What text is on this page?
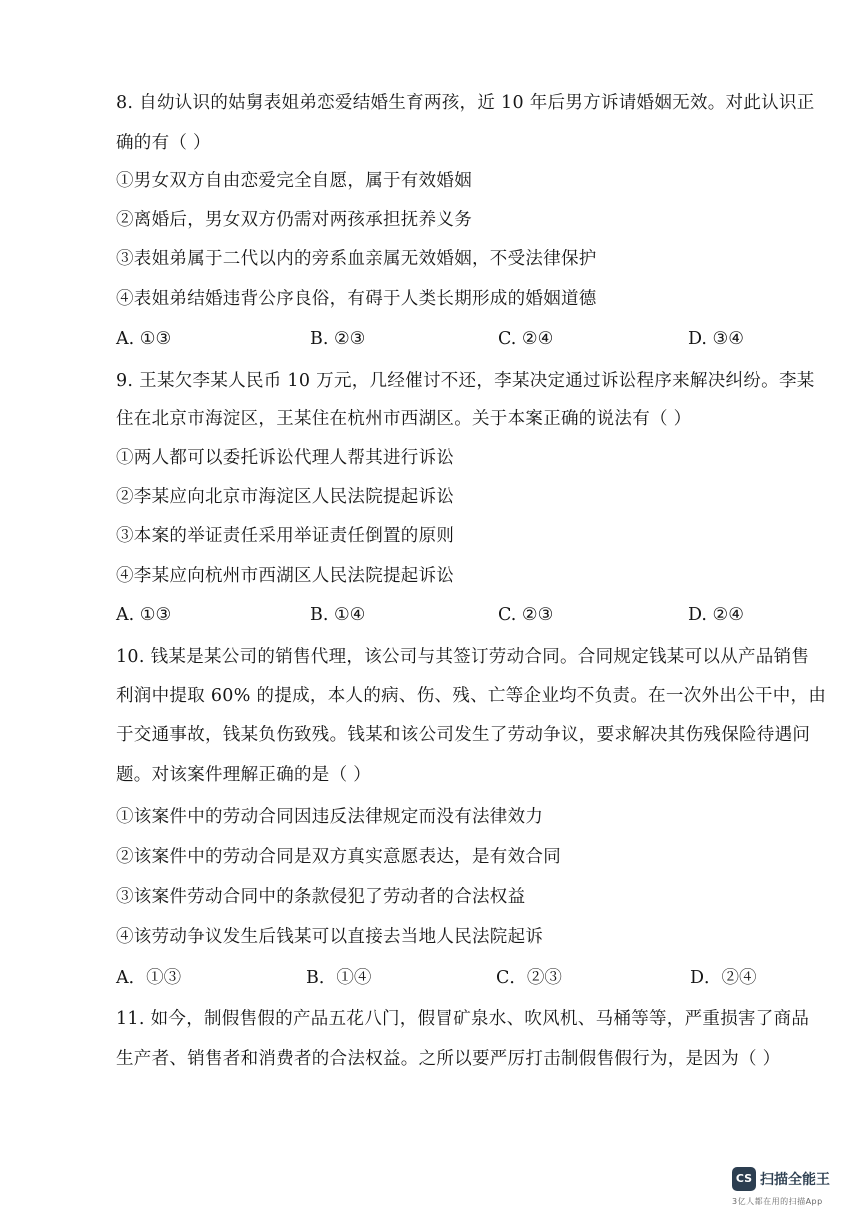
8. 自幼认识的姑舅表姐弟恋爱结婚生育两孩，近 10 年后男方诉请婚姻无效。对此认识正
确的有（ ）
①男女双方自由恋爱完全自愿，属于有效婚姻
②离婚后，男女双方仍需对两孩承担抚养义务
③表姐弟属于二代以内的旁系血亲属无效婚姻，不受法律保护
④表姐弟结婚违背公序良俗，有碍于人类长期形成的婚姻道德
A. ①③	B. ②③	C. ②④	D. ③④
9. 王某欠李某人民币 10 万元，几经催讨不还，李某决定通过诉讼程序来解决纠纷。李某
住在北京市海淀区，王某住在杭州市西湖区。关于本案正确的说法有（ ）
①两人都可以委托诉讼代理人帮其进行诉讼
②李某应向北京市海淀区人民法院提起诉讼
③本案的举证责任采用举证责任倒置的原则
④李某应向杭州市西湖区人民法院提起诉讼
A. ①③	B. ①④	C. ②③	D. ②④
10. 钱某是某公司的销售代理，该公司与其签订劳动合同。合同规定钱某可以从产品销售
利润中提取 60% 的提成，本人的病、伤、残、亡等企业均不负责。在一次外出公干中，由
于交通事故，钱某负伤致残。钱某和该公司发生了劳动争议，要求解决其伤残保险待遇问
题。对该案件理解正确的是（ ）
①该案件中的劳动合同因违反法律规定而没有法律效力
②该案件中的劳动合同是双方真实意愿表达，是有效合同
③该案件劳动合同中的条款侵犯了劳动者的合法权益
④该劳动争议发生后钱某可以直接去当地人民法院起诉
A．①③	B．①④	C．②③	D．②④
11. 如今，制假售假的产品五花八门，假冒矿泉水、吹风机、马桶等等，严重损害了商品
生产者、销售者和消费者的合法权益。之所以要严厉打击制假售假行为，是因为（ ）
CS 扫描全能王
3亿人都在用的扫描App
